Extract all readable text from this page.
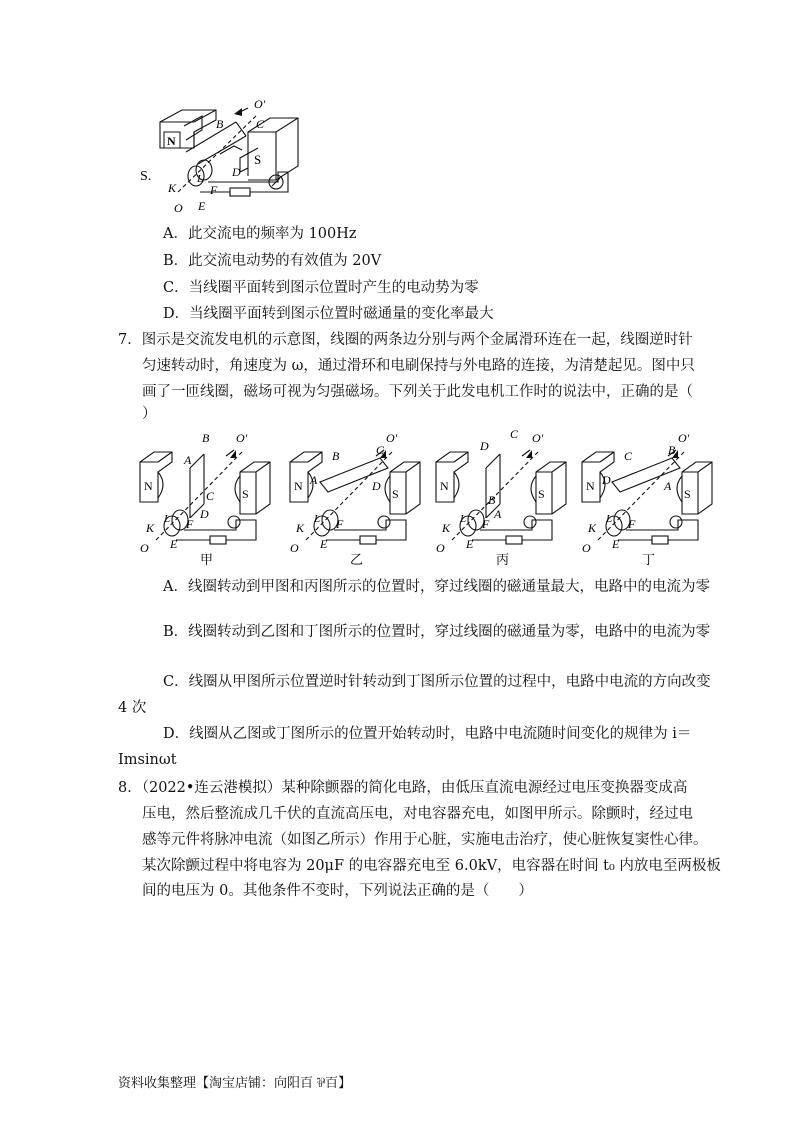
N
S
B	C
O′
L
K
D
F
O E
S.
A．此交流电的频率为 100Hz
B．此交流电动势的有效值为 20V
C．当线圈平面转到图示位置时产生的电动势为零
D．当线圈平面转到图示位置时磁通量的变化率最大
7．图示是交流发电机的示意图，线圈的两条边分别与两个金属滑环连在一起，线圈逆时针
匀速转动时，角速度为 ω，通过滑环和电刷保持与外电路的连接，为清楚起见。图中只
画了一匝线圈，磁场可视为匀强磁场。下列关于此发电机工作时的说法中，正确的是（
）
N
S
B O′
A
C
D
L
K	F
O E
甲
N
S
B
O′
A
C
D
L
K	F
O E
乙
N
S
D
O′
C
B
A
L
K	F
O E
丙
N
S
C
O′
D
B
A
L
K	F
O E
丁
A．线圈转动到甲图和丙图所示的位置时，穿过线圈的磁通量最大，电路中的电流为零
B．线圈转动到乙图和丁图所示的位置时，穿过线圈的磁通量为零，电路中的电流为零
C．线圈从甲图所示位置逆时针转动到丁图所示位置的过程中，电路中电流的方向改变
4 次
D．线圈从乙图或丁图所示的位置开始转动时，电路中电流随时间变化的规律为 i＝
Imsinωt
8．（2022•连云港模拟）某种除颤器的简化电路，由低压直流电源经过电压变换器变成高
压电，然后整流成几千伏的直流高压电，对电容器充电，如图甲所示。除颤时，经过电
感等元件将脉冲电流（如图乙所示）作用于心脏，实施电击治疗，使心脏恢复窦性心律。
某次除颤过程中将电容为 20μF 的电容器充电至 6.0kV，电容器在时间 t₀ 内放电至两极板
间的电压为 0。其他条件不变时，下列说法正确的是（　　）
资料收集整理【淘宝店铺：向阳百 ⅌百】
